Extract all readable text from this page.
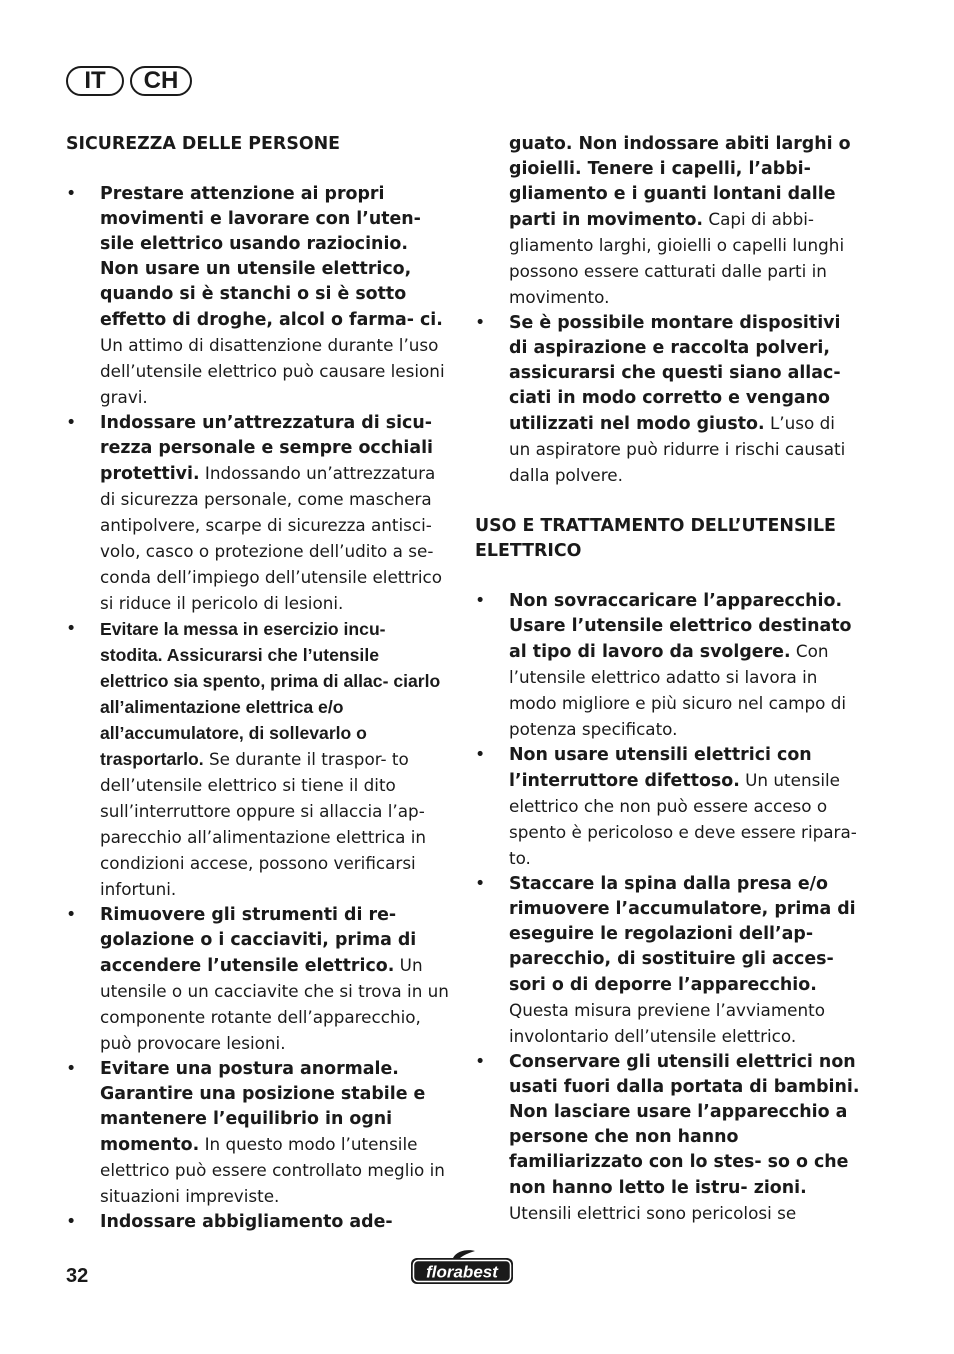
IT	CH

SICUREZZA DELLE PERSONE

•	Prestare attenzione ai propri movimenti e lavorare con l’uten- sile elettrico usando raziocinio. Non usare un utensile elettrico, quando si è stanchi o si è sotto effetto di droghe, alcol o farma- ci. Un attimo di disattenzione durante l’uso dell’utensile elettrico può causare lesioni gravi.

•	Indossare un’attrezzatura di sicu- rezza personale e sempre occhiali protettivi. Indossando un’attrezzatura di sicurezza personale, come maschera antipolvere, scarpe di sicurezza antisci- volo, casco o protezione dell’udito a se- conda dell’impiego dell’utensile elettrico si riduce il pericolo di lesioni.

•	Evitare la messa in esercizio incu- stodita. Assicurarsi che l’utensile elettrico sia spento, prima di allac- ciarlo all’alimentazione elettrica e/o all’accumulatore, di sollevarlo o trasportarlo. Se durante il traspor- to dell’utensile elettrico si tiene il dito sull’interruttore oppure si allaccia l’ap- parecchio all’alimentazione elettrica in condizioni accese, possono verificarsi infortuni.

•	Rimuovere gli strumenti di re- golazione o i cacciaviti, prima di accendere l’utensile elettrico. Un utensile o un cacciavite che si trova in un componente rotante dell’apparecchio, può provocare lesioni.

•	Evitare una postura anormale. Garantire una posizione stabile e mantenere l’equilibrio in ogni momento. In questo modo l’utensile elettrico può essere controllato meglio in situazioni impreviste.

•	Indossare abbigliamento ade-

guato. Non indossare abiti larghi o gioielli. Tenere i capelli, l’abbi- gliamento e i guanti lontani dalle parti in movimento. Capi di abbi- gliamento larghi, gioielli o capelli lunghi possono essere catturati dalle parti in movimento.

•	Se è possibile montare dispositivi di aspirazione e raccolta polveri, assicurarsi che questi siano allac- ciati in modo corretto e vengano utilizzati nel modo giusto. L’uso di un aspiratore può ridurre i rischi causati dalla polvere.

USO E TRATTAMENTO DELL’UTENSILE ELETTRICO

•	Non sovraccaricare l’apparecchio. Usare l’utensile elettrico destinato al tipo di lavoro da svolgere. Con l’utensile elettrico adatto si lavora in modo migliore e più sicuro nel campo di potenza specificato.

•	Non usare utensili elettrici con l’interruttore difettoso. Un utensile elettrico che non può essere acceso o spento è pericoloso e deve essere ripara- to.

•	Staccare la spina dalla presa e/o rimuovere l’accumulatore, prima di eseguire le regolazioni dell’ap- parecchio, di sostituire gli acces- sori o di deporre l’apparecchio. Questa misura previene l’avviamento involontario dell’utensile elettrico.

•	Conservare gli utensili elettrici non usati fuori dalla portata di bambini. Non lasciare usare l’apparecchio a persone che non hanno familiarizzato con lo stes- so o che non hanno letto le istru- zioni. Utensili elettrici sono pericolosi se

32	florabest
